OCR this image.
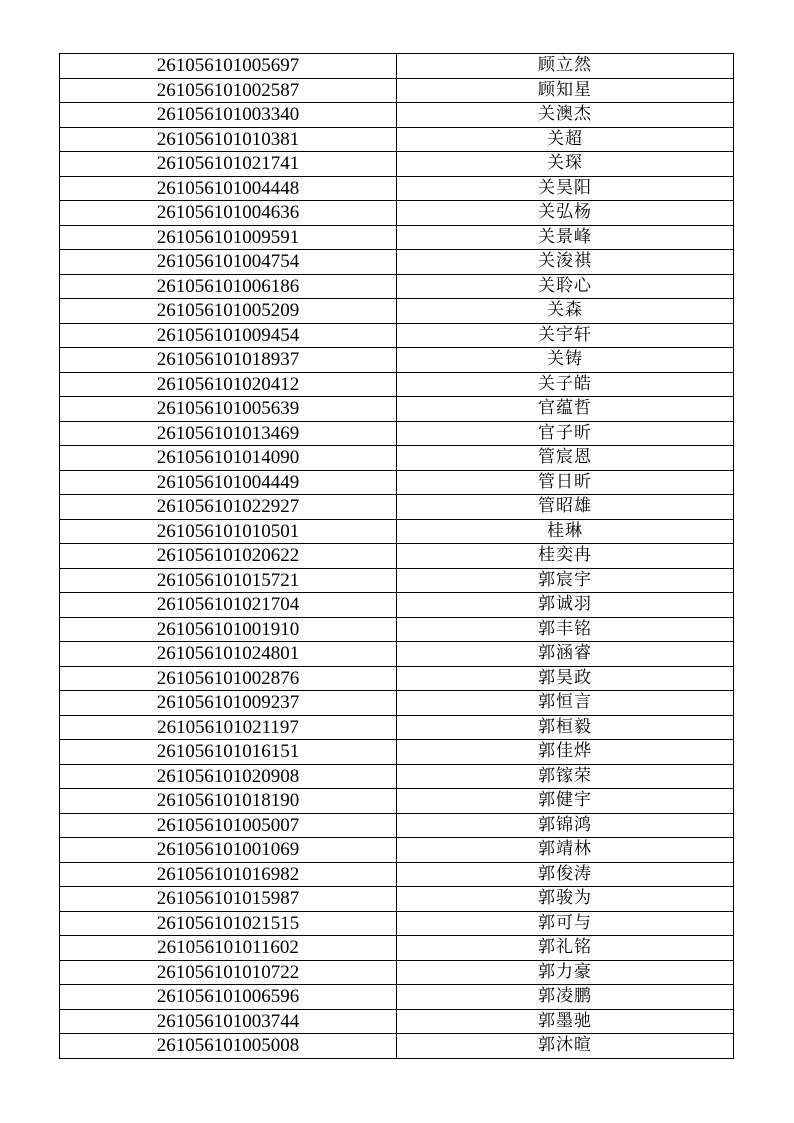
261056101005697	顾立然
261056101002587	顾知星
261056101003340	关澳杰
261056101010381	关超
261056101021741	关琛
261056101004448	关昊阳
261056101004636	关弘杨
261056101009591	关景峰
261056101004754	关浚祺
261056101006186	关聆心
261056101005209	关森
261056101009454	关宇轩
261056101018937	关铸
261056101020412	关子皓
261056101005639	官蕴哲
261056101013469	官子昕
261056101014090	管宸恩
261056101004449	管日昕
261056101022927	管昭雄
261056101010501	桂琳
261056101020622	桂奕冉
261056101015721	郭宸宇
261056101021704	郭诚羽
261056101001910	郭丰铭
261056101024801	郭涵睿
261056101002876	郭昊政
261056101009237	郭恒言
261056101021197	郭桓毅
261056101016151	郭佳烨
261056101020908	郭镓荣
261056101018190	郭健宇
261056101005007	郭锦鸿
261056101001069	郭靖林
261056101016982	郭俊涛
261056101015987	郭骏为
261056101021515	郭可与
261056101011602	郭礼铭
261056101010722	郭力豪
261056101006596	郭凌鹏
261056101003744	郭墨驰
261056101005008	郭沐暄
